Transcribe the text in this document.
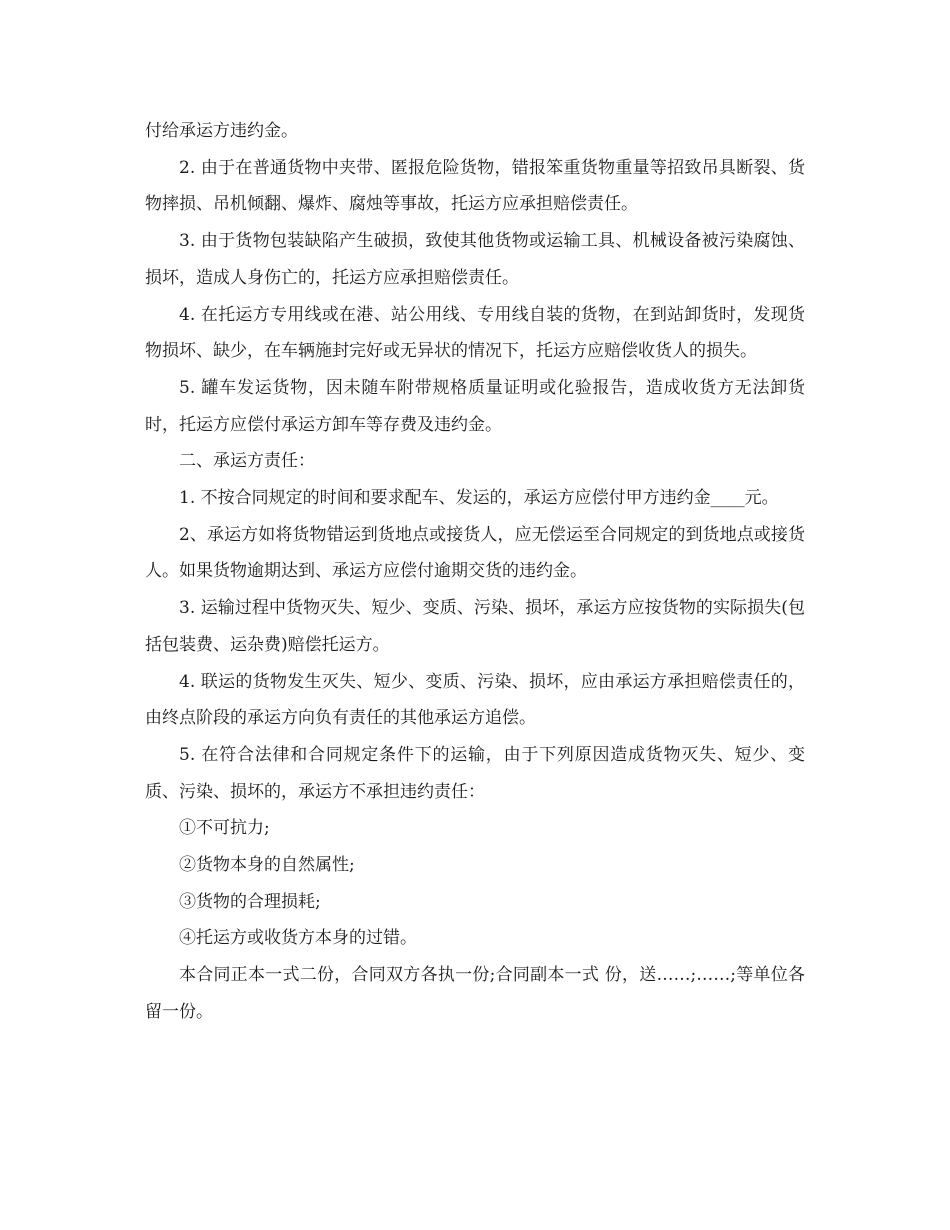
付给承运方违约金。

2. 由于在普通货物中夹带、匿报危险货物，错报笨重货物重量等招致吊具断裂、货物摔损、吊机倾翻、爆炸、腐烛等事故，托运方应承担赔偿责任。

3. 由于货物包装缺陷产生破损，致使其他货物或运输工具、机械设备被污染腐蚀、损坏，造成人身伤亡的，托运方应承担赔偿责任。

4. 在托运方专用线或在港、站公用线、专用线自装的货物，在到站卸货时，发现货物损坏、缺少，在车辆施封完好或无异状的情况下，托运方应赔偿收货人的损失。

5. 罐车发运货物，因未随车附带规格质量证明或化验报告，造成收货方无法卸货时，托运方应偿付承运方卸车等存费及违约金。

二、承运方责任：

1. 不按合同规定的时间和要求配车、发运的，承运方应偿付甲方违约金____元。

2、承运方如将货物错运到货地点或接货人，应无偿运至合同规定的到货地点或接货人。如果货物逾期达到、承运方应偿付逾期交货的违约金。

3. 运输过程中货物灭失、短少、变质、污染、损坏，承运方应按货物的实际损失(包括包装费、运杂费)赔偿托运方。

4. 联运的货物发生灭失、短少、变质、污染、损坏，应由承运方承担赔偿责任的，由终点阶段的承运方向负有责任的其他承运方追偿。

5. 在符合法律和合同规定条件下的运输，由于下列原因造成货物灭失、短少、变质、污染、损坏的，承运方不承担违约责任：

①不可抗力;

②货物本身的自然属性;

③货物的合理损耗;

④托运方或收货方本身的过错。

本合同正本一式二份，合同双方各执一份;合同副本一式 份，送……;……;等单位各留一份。
